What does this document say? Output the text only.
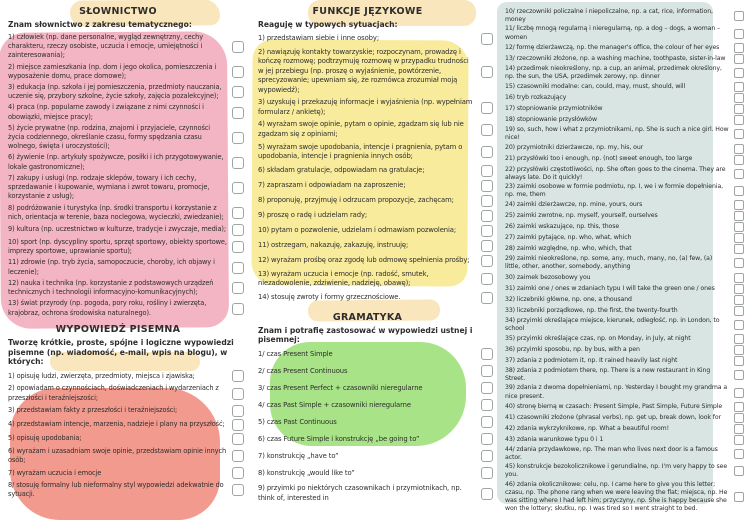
SŁOWNICTWO

Znam słownictwo z zakresu tematycznego:

1) człowiek (np. dane personalne, wygląd zewnętrzny, cechy charakteru, rzeczy osobiste, uczucia i emocje, umiejętności i zainteresowania);
2) miejsce zamieszkania (np. dom i jego okolica, pomieszczenia i wyposażenie domu, prace domowe);
3) edukacja (np. szkoła i jej pomieszczenia, przedmioty nauczania, uczenie się, przybory szkolne, życie szkoły, zajęcia pozalekcyjne);
4) praca (np. popularne zawody i związane z nimi czynności i obowiązki, miejsce pracy);
5) życie prywatne (np. rodzina, znajomi i przyjaciele, czynności życia codziennego, określanie czasu, formy spędzania czasu wolnego, święta i uroczystości);
6) żywienie (np. artykuły spożywcze, posiłki i ich przygotowywanie, lokale gastronomiczne);
7) zakupy i usługi (np. rodzaje sklepów, towary i ich cechy, sprzedawanie i kupowanie, wymiana i zwrot towaru, promocje, korzystanie z usług);
8) podróżowanie i turystyka (np. środki transportu i korzystanie z nich, orientacja w terenie, baza noclegowa, wycieczki, zwiedzanie);
9) kultura (np. uczestnictwo w kulturze, tradycje i zwyczaje, media);
10) sport (np. dyscypliny sportu, sprzęt sportowy, obiekty sportowe, imprezy sportowe, uprawianie sportu);
11) zdrowie (np. tryb życia, samopoczucie, choroby, ich objawy i leczenie);
12) nauka i technika (np. korzystanie z podstawowych urządzeń technicznych i technologii informacyjno-komunikacyjnych);
13) świat przyrody (np. pogoda, pory roku, rośliny i zwierzęta, krajobraz, ochrona środowiska naturalnego).
WYPOWIEDŹ PISEMNA

Tworzę krótkie, proste, spójne i logiczne wypowiedzi pisemne (np. wiadomość, e-mail, wpis na blogu), w których:

1) opisuję ludzi, zwierzęta, przedmioty, miejsca i zjawiska;
2) opowiadam o czynnościach, doświadczeniach i wydarzeniach z przeszłości i teraźniejszości;
3) przedstawiam fakty z przeszłości i teraźniejszości;
4) przedstawiam intencje, marzenia, nadzieje i plany na przyszłość;
5) opisuję upodobania;
6) wyrażam i uzasadniam swoje opinie, przedstawiam opinie innych osób;
7) wyrażam uczucia i emocje
8/ stosuję formalny lub nieformalny styl wypowiedzi adekwatnie do sytuacji.
FUNKCJE JĘZYKOWE

Reaguję w typowych sytuacjach:

1) przedstawiam siebie i inne osoby;
2) nawiązuję kontakty towarzyskie; rozpoczynam, prowadzę i kończę rozmowę; podtrzymuję rozmowę w przypadku trudności w jej przebiegu (np. proszę o wyjaśnienie, powtórzenie, sprecyzowanie; upewniam się, że rozmówca zrozumiał moją wypowiedź);
3) uzyskuję i przekazuję informacje i wyjaśnienia (np. wypełniam formularz / ankietę);
4) wyrażam swoje opinie, pytam o opinie, zgadzam się lub nie zgadzam się z opiniami;
5) wyrażam swoje upodobania, intencje i pragnienia, pytam o upodobania, intencje i pragnienia innych osób;
6) składam gratulacje, odpowiadam na gratulacje;
7) zapraszam i odpowiadam na zaproszenie;
8) proponuję, przyjmuję i odrzucam propozycje, zachęcam;
9) proszę o radę i udzielam rady;
10) pytam o pozwolenie, udzielam i odmawiam pozwolenia;
11) ostrzegam, nakazuję, zakazuję, instruuję;
12) wyrażam prośbę oraz zgodę lub odmowę spełnienia prośby;
13) wyrażam uczucia i emocje (np. radość, smutek, niezadowolenie, zdziwienie, nadzieję, obawę);
14) stosuję zwroty i formy grzecznościowe.
GRAMATYKA

Znam i potrafię zastosować w wypowiedzi ustnej i pisemnej:

1/ czas Present Simple
2/ czas Present Continuous
3/ czas Present Perfect + czasowniki nieregularne
4/ czas Past Simple + czasowniki nieregularne
5) czas Past Continuous
6) czas Future Simple i konstrukcję „be going to”
7) konstrukcję „have to”
8) konstrukcję „would like to”
9) przyimki po niektórych czasownikach i przymiotnikach, np. think of, interested in
10/ rzeczowniki policzalne i niepoliczalne, np. a cat, rice, information, money
11/ liczbę mnogą regularną i nieregularną, np. a dog – dogs, a woman – women
12/ formę dzierżawczą, np. the manager's office, the colour of her eyes
13/ rzeczowniki złożone, np. a washing machine, toothpaste, sister-in-law
14) przedimek nieokreślony, np. a cup, an animal, przedimek określony, np. the sun, the USA, przedimek zerowy, np. dinner
15) czasowniki modalne: can, could, may, must, should, will
16) tryb rozkazujący
17) stopniowanie przymiotników
18) stopniowanie przysłówków
19) so, such, how i what z przymiotnikami, np. She is such a nice girl. How nice!
20) przymiotniki dzierżawcze, np. my, his, our
21) przysłówki too i enough, np. (not) sweet enough, too large
22) przysłówki częstotliwości, np. She often goes to the cinema. They are always late. Do it quickly!
23) zaimki osobowe w formie podmiotu, np. I, we i w formie dopełnienia, np. me, them
24) zaimki dzierżawcze, np. mine, yours, ours
25) zaimki zwrotne, np. myself, yourself, ourselves
26) zaimki wskazujące, np. this, those
27) zaimki pytające, np. who, what, which
28) zaimki względne, np. who, which, that
29) zaimki nieokreślone, np. some, any, much, many, no, (a) few, (a) little, other, another, somebody, anything
30) zaimek bezosobowy you
31) zaimki one / ones w zdaniach typu I will take the green one / ones
32) liczebniki główne, np. one, a thousand
33) liczebniki porządkowe, np. the first, the twenty-fourth
34) przyimki określające miejsce, kierunek, odległość, np. in London, to school
35) przyimki określające czas, np. on Monday, in July, at night
36) przyimki sposobu, np. by bus, with a pen
37) zdania z podmiotem it, np. It rained heavily last night
38) zdania z podmiotem there, np. There is a new restaurant in King Street.
39) zdania z dwoma dopełnieniami, np. Yesterday I bought my grandma a nice present.
40) stronę bierną w czasach: Present Simple, Past Simple, Future Simple
41) czasowniki złożone (phrasal verbs), np. get up, break down, look for
42) zdania wykrzyknikowe, np. What a beautiful room!
43) zdania warunkowe typu 0 i 1
44/ zdania przydawkowe, np. The man who lives next door is a famous actor.
45) konstrukcje bezokolicznikowe i gerundialne, np. I'm very happy to see you.
46) zdania okolicznikowe: celu, np. I came here to give you this letter; czasu, np. The phone rang when we were leaving the flat; miejsca, np. He was sitting where I had left him; przyczyny, np. She is happy because she won the lottery; skutku, np. I was tired so I went straight to bed.
